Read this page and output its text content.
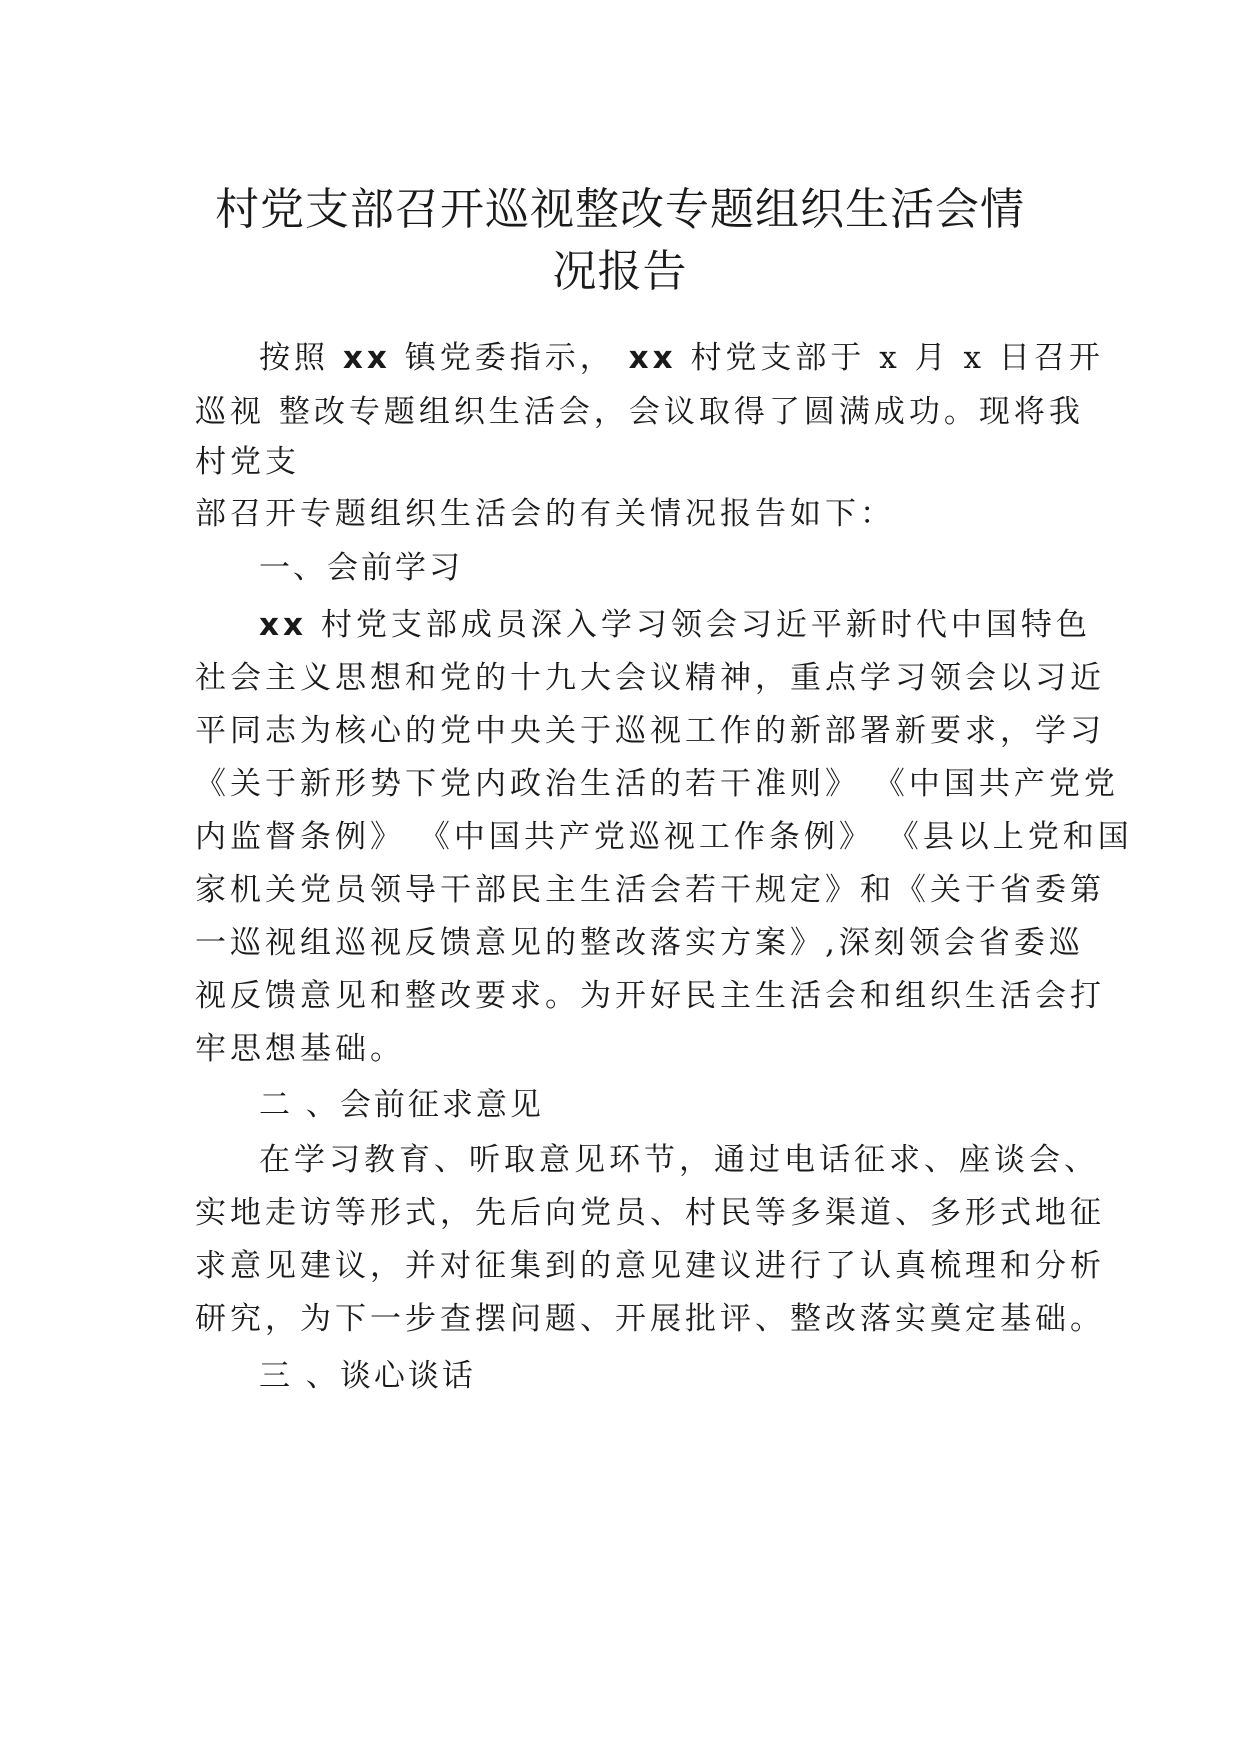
村党支部召开巡视整改专题组织生活会情
况报告
按照 xx 镇党委指示， xx 村党支部于 x 月 x 日召开
巡视 整改专题组织生活会，会议取得了圆满成功。现将我
村党支
部召开专题组织生活会的有关情况报告如下：
一、会前学习
xx 村党支部成员深入学习领会习近平新时代中国特色
社会主义思想和党的十九大会议精神，重点学习领会以习近
平同志为核心的党中央关于巡视工作的新部署新要求，学习
《关于新形势下党内政治生活的若干准则》 《中国共产党党
内监督条例》 《中国共产党巡视工作条例》 《县以上党和国
家机关党员领导干部民主生活会若干规定》和《关于省委第
一巡视组巡视反馈意见的整改落实方案》,深刻领会省委巡
视反馈意见和整改要求。为开好民主生活会和组织生活会打
牢思想基础。
二 、会前征求意见
在学习教育、听取意见环节，通过电话征求、座谈会、
实地走访等形式，先后向党员、村民等多渠道、多形式地征
求意见建议，并对征集到的意见建议进行了认真梳理和分析
研究，为下一步查摆问题、开展批评、整改落实奠定基础。
三 、谈心谈话
